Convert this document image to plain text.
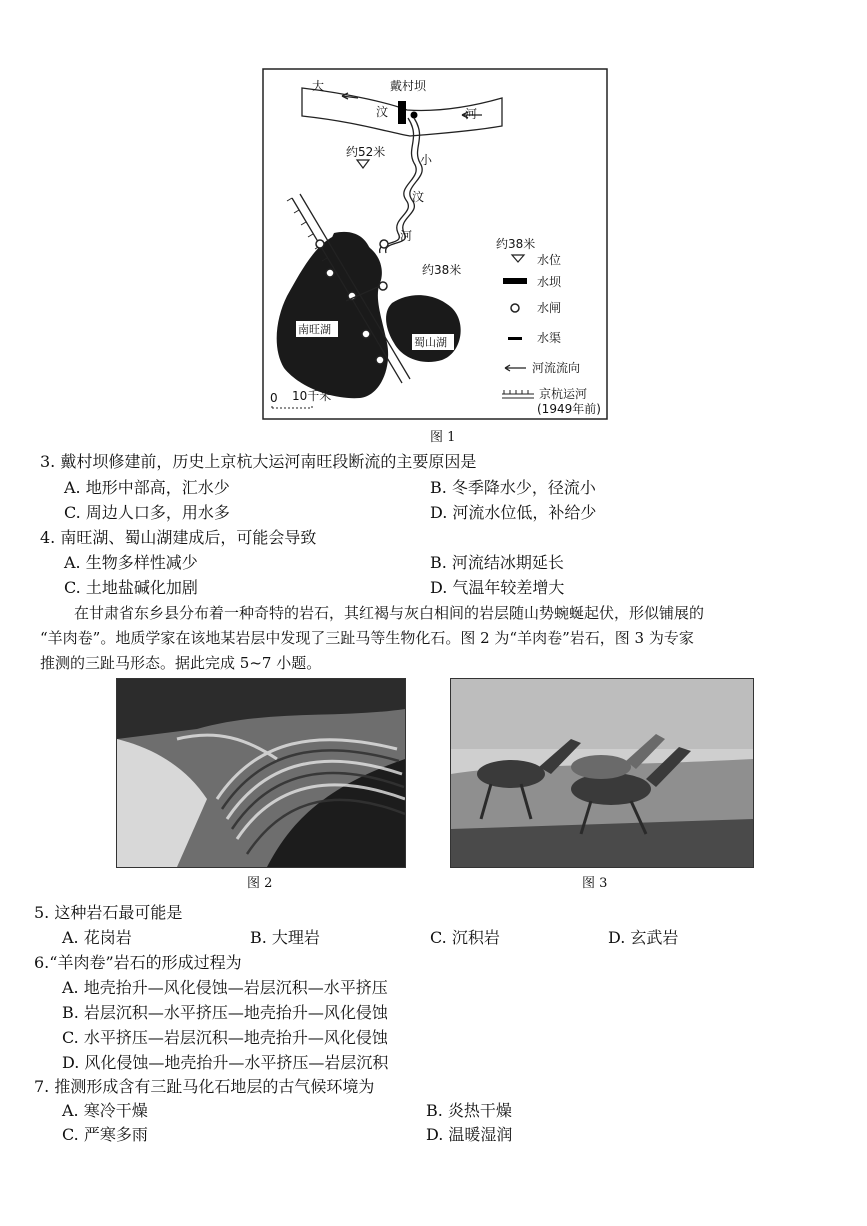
大
汶	河
戴村坝
小
汶
河
约52米
约38米
0 10千米
约38米
水位
水坝
水闸
水渠
河流流向
京杭运河
(1949年前)
南旺湖
蜀山湖
图 1
3. 戴村坝修建前，历史上京杭大运河南旺段断流的主要原因是
A. 地形中部高，汇水少	B. 冬季降水少，径流小
C. 周边人口多，用水多	D. 河流水位低，补给少
4. 南旺湖、蜀山湖建成后，可能会导致
A. 生物多样性减少	B. 河流结冰期延长
C. 土地盐碱化加剧	D. 气温年较差增大
在甘肃省东乡县分布着一种奇特的岩石，其红褐与灰白相间的岩层随山势蜿蜒起伏，形似铺展的
“羊肉卷”。地质学家在该地某岩层中发现了三趾马等生物化石。图 2 为“羊肉卷”岩石，图 3 为专家
推测的三趾马形态。据此完成 5~7 小题。
图 2	图 3
5. 这种岩石最可能是
A. 花岗岩	B. 大理岩	C. 沉积岩	D. 玄武岩
6.“羊肉卷”岩石的形成过程为
A. 地壳抬升—风化侵蚀—岩层沉积—水平挤压
B. 岩层沉积—水平挤压—地壳抬升—风化侵蚀
C. 水平挤压—岩层沉积—地壳抬升—风化侵蚀
D. 风化侵蚀—地壳抬升—水平挤压—岩层沉积
7. 推测形成含有三趾马化石地层的古气候环境为
A. 寒冷干燥	B. 炎热干燥
C. 严寒多雨	D. 温暖湿润
